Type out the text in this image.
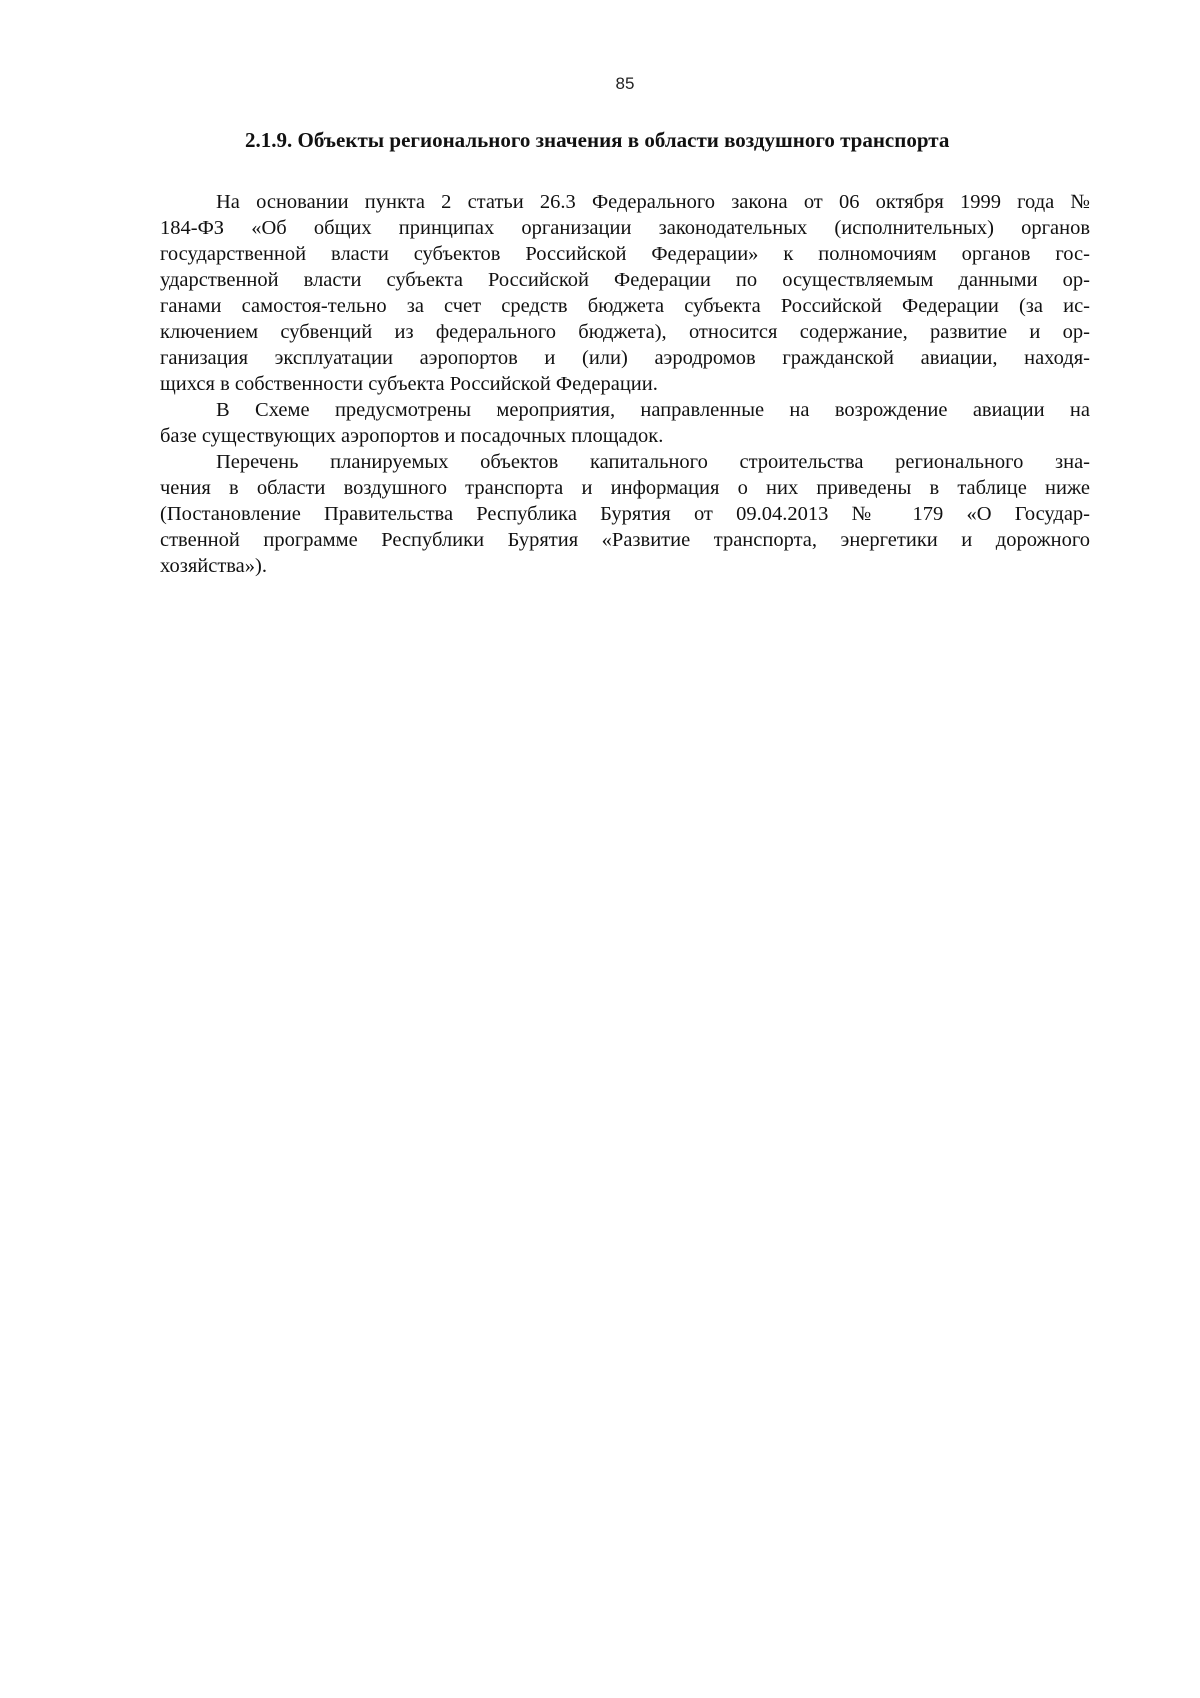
85
2.1.9. Объекты регионального значения в области воздушного транспорта
На основании пункта 2 статьи 26.3 Федерального закона от 06 октября 1999 года №
184-ФЗ «Об общих принципах организации законодательных (исполнительных) органов
государственной власти субъектов Российской Федерации» к полномочиям органов гос-
ударственной власти субъекта Российской Федерации по осуществляемым данными ор-
ганами самостоя-тельно за счет средств бюджета субъекта Российской Федерации (за ис-
ключением субвенций из федерального бюджета), относится содержание, развитие и ор-
ганизация эксплуатации аэропортов и (или) аэродромов гражданской авиации, находя-
щихся в собственности субъекта Российской Федерации.
В Схеме предусмотрены мероприятия, направленные на возрождение авиации на
базе существующих аэропортов и посадочных площадок.
Перечень планируемых объектов капитального строительства регионального зна-
чения в области воздушного транспорта и информация о них приведены в таблице ниже
(Постановление Правительства Республика Бурятия от 09.04.2013 № 179 «О Государ-
ственной программе Республики Бурятия «Развитие транспорта, энергетики и дорожного
хозяйства»).
